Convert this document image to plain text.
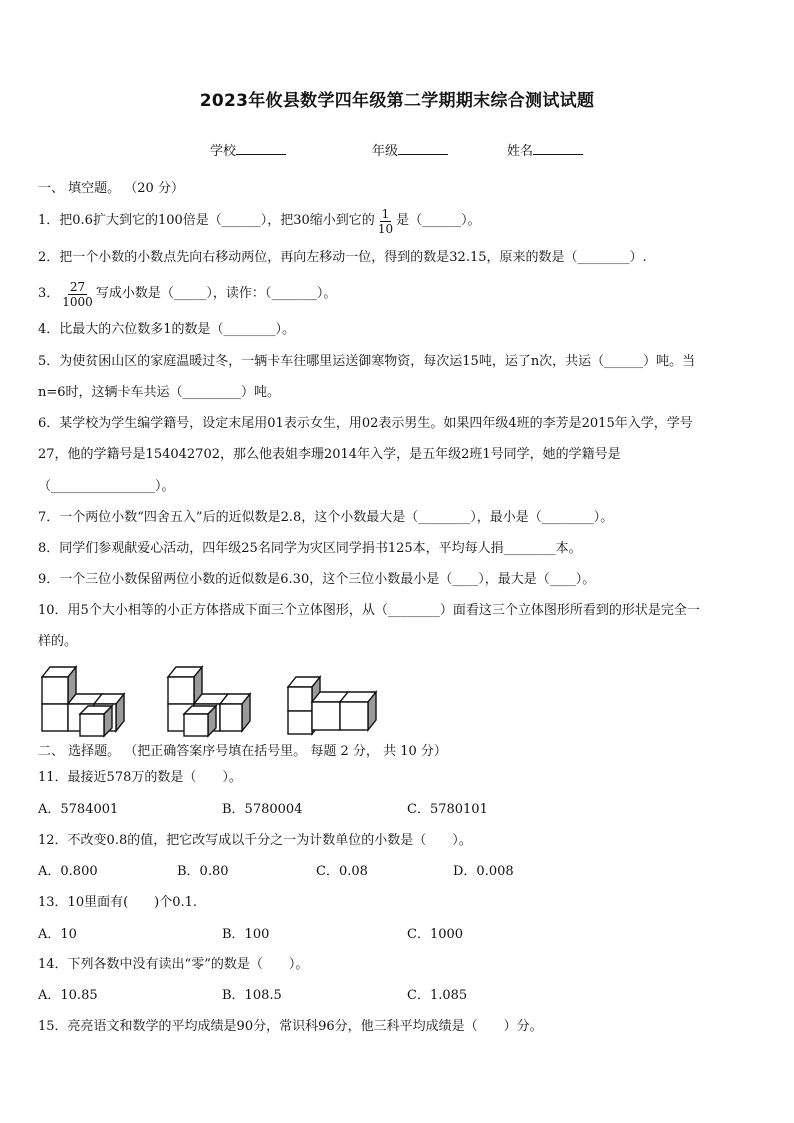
2023年攸县数学四年级第二学期期末综合测试试题
学校	年级	姓名
一、 填空题。 （20 分）
1．把0.6扩大到它的100倍是（______），把30缩小到它的 $\frac{1}{10}$ 是（______）。
2．把一个小数的小数点先向右移动两位，再向左移动一位，得到的数是32.15，原来的数是（________）.
3． $\frac{27}{1000}$ 写成小数是（_____），读作：（_______）。
4．比最大的六位数多1的数是（________）。
5．为使贫困山区的家庭温暖过冬，一辆卡车往哪里运送御寒物资，每次运15吨，运了n次，共运（______）吨。当
n=6时，这辆卡车共运（_________）吨。
6．某学校为学生编学籍号，设定末尾用01表示女生，用02表示男生。如果四年级4班的李芳是2015年入学，学号
27，他的学籍号是154042702，那么他表姐李珊2014年入学，是五年级2班1号同学，她的学籍号是
（________________）。
7．一个两位小数“四舍五入”后的近似数是2.8，这个小数最大是（________），最小是（________）。
8．同学们参观献爱心活动，四年级25名同学为灾区同学捐书125本，平均每人捐________本。
9．一个三位小数保留两位小数的近似数是6.30，这个三位小数最小是（____），最大是（____）。
10．用5个大小相等的小正方体搭成下面三个立体图形，从（________）面看这三个立体图形所看到的形状是完全一
样的。
二、 选择题。 （把正确答案序号填在括号里。 每题 2 分， 共 10 分）
11．最接近578万的数是（　　）。
A．5784001	B．5780004	C．5780101
12．不改变0.8的值，把它改写成以千分之一为计数单位的小数是（　　）。
A．0.800	B．0.80	C．0.08	D．0.008
13．10里面有(　　)个0.1.
A．10	B．100	C．1000
14．下列各数中没有读出“零”的数是（　　）。
A．10.85	B．108.5	C．1.085
15．亮亮语文和数学的平均成绩是90分，常识科96分，他三科平均成绩是（　　）分。
